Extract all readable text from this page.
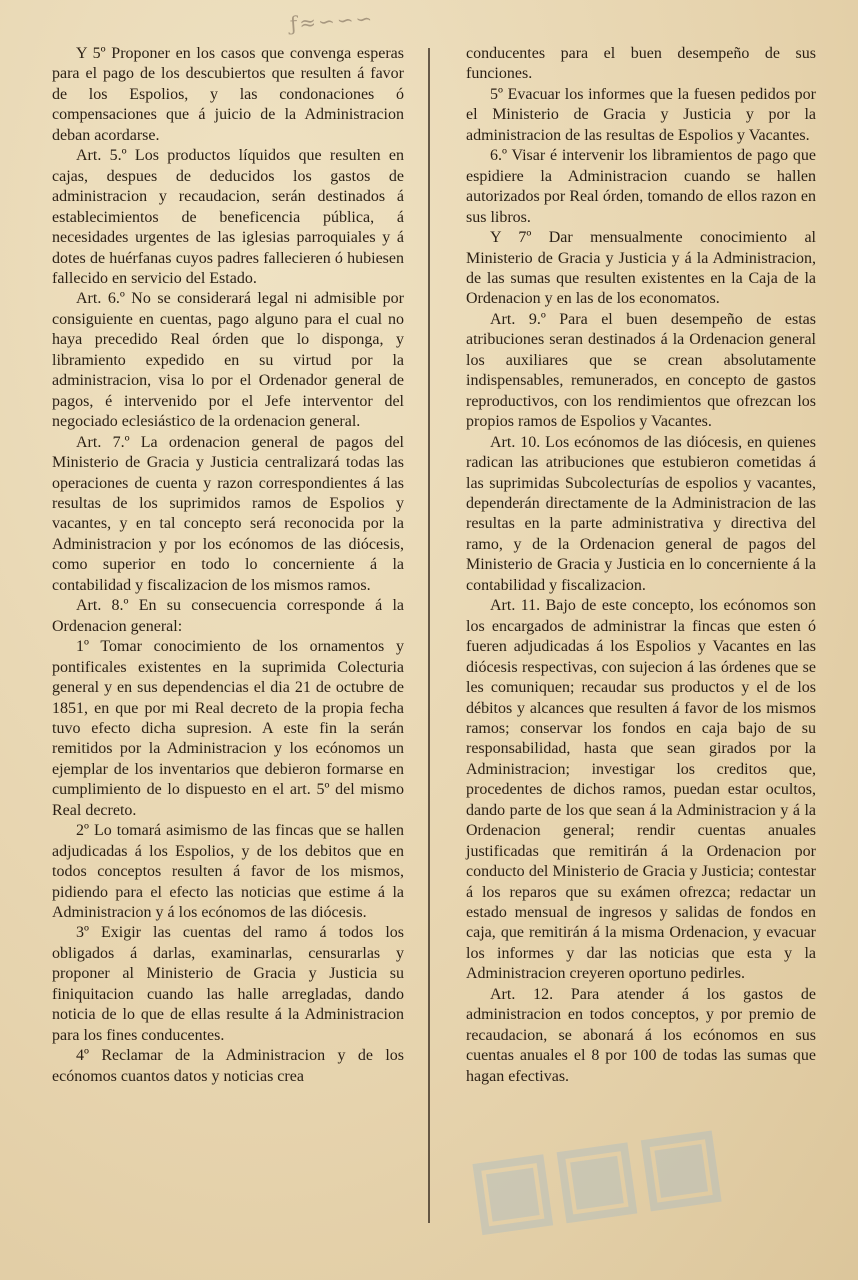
ƒ≈∽∽∽

Y 5º Proponer en los casos que convenga esperas para el pago de los descubiertos que resulten á favor de los Espolios, y las condonaciones ó compensaciones que á juicio de la Administracion deban acordarse.

Art. 5.º Los productos líquidos que resulten en cajas, despues de deducidos los gastos de administracion y recaudacion, serán destinados á establecimientos de beneficencia pública, á necesidades urgentes de las iglesias parroquiales y á dotes de huérfanas cuyos padres fallecieren ó hubiesen fallecido en servicio del Estado.

Art. 6.º No se considerará legal ni admisible por consiguiente en cuentas, pago alguno para el cual no haya precedido Real órden que lo disponga, y libramiento expedido en su virtud por la administracion, visa lo por el Ordenador general de pagos, é intervenido por el Jefe interventor del negociado eclesiástico de la ordenacion general.

Art. 7.º La ordenacion general de pagos del Ministerio de Gracia y Justicia centralizará todas las operaciones de cuenta y razon correspondientes á las resultas de los suprimidos ramos de Espolios y vacantes, y en tal concepto será reconocida por la Administracion y por los ecónomos de las diócesis, como superior en todo lo concerniente á la contabilidad y fiscalizacion de los mismos ramos.

Art. 8.º En su consecuencia corresponde á la Ordenacion general:

1º Tomar conocimiento de los ornamentos y pontificales existentes en la suprimida Colecturia general y en sus dependencias el dia 21 de octubre de 1851, en que por mi Real decreto de la propia fecha tuvo efecto dicha supresion. A este fin la serán remitidos por la Administracion y los ecónomos un ejemplar de los inventarios que debieron formarse en cumplimiento de lo dispuesto en el art. 5º del mismo Real decreto.

2º Lo tomará asimismo de las fincas que se hallen adjudicadas á los Espolios, y de los debitos que en todos conceptos resulten á favor de los mismos, pidiendo para el efecto las noticias que estime á la Administracion y á los ecónomos de las diócesis.

3º Exigir las cuentas del ramo á todos los obligados á darlas, examinarlas, censurarlas y proponer al Ministerio de Gracia y Justicia su finiquitacion cuando las halle arregladas, dando noticia de lo que de ellas resulte á la Administracion para los fines conducentes.

4º Reclamar de la Administracion y de los ecónomos cuantos datos y noticias crea

conducentes para el buen desempeño de sus funciones.

5º Evacuar los informes que la fuesen pedidos por el Ministerio de Gracia y Justicia y por la administracion de las resultas de Espolios y Vacantes.

6.º Visar é intervenir los libramientos de pago que espidiere la Administracion cuando se hallen autorizados por Real órden, tomando de ellos razon en sus libros.

Y 7º Dar mensualmente conocimiento al Ministerio de Gracia y Justicia y á la Administracion, de las sumas que resulten existentes en la Caja de la Ordenacion y en las de los economatos.

Art. 9.º Para el buen desempeño de estas atribuciones seran destinados á la Ordenacion general los auxiliares que se crean absolutamente indispensables, remunerados, en concepto de gastos reproductivos, con los rendimientos que ofrezcan los propios ramos de Espolios y Vacantes.

Art. 10. Los ecónomos de las diócesis, en quienes radican las atribuciones que estubieron cometidas á las suprimidas Subcolecturías de espolios y vacantes, dependerán directamente de la Administracion de las resultas en la parte administrativa y directiva del ramo, y de la Ordenacion general de pagos del Ministerio de Gracia y Justicia en lo concerniente á la contabilidad y fiscalizacion.

Art. 11. Bajo de este concepto, los ecónomos son los encargados de administrar la fincas que esten ó fueren adjudicadas á los Espolios y Vacantes en las diócesis respectivas, con sujecion á las órdenes que se les comuniquen; recaudar sus productos y el de los débitos y alcances que resulten á favor de los mismos ramos; conservar los fondos en caja bajo de su responsabilidad, hasta que sean girados por la Administracion; investigar los creditos que, procedentes de dichos ramos, puedan estar ocultos, dando parte de los que sean á la Administracion y á la Ordenacion general; rendir cuentas anuales justificadas que remitirán á la Ordenacion por conducto del Ministerio de Gracia y Justicia; contestar á los reparos que su exámen ofrezca; redactar un estado mensual de ingresos y salidas de fondos en caja, que remitirán á la misma Ordenacion, y evacuar los informes y dar las noticias que esta y la Administracion creyeren oportuno pedirles.

Art. 12. Para atender á los gastos de administracion en todos conceptos, y por premio de recaudacion, se abonará á los ecónomos en sus cuentas anuales el 8 por 100 de todas las sumas que hagan efectivas.

▣▣▣
